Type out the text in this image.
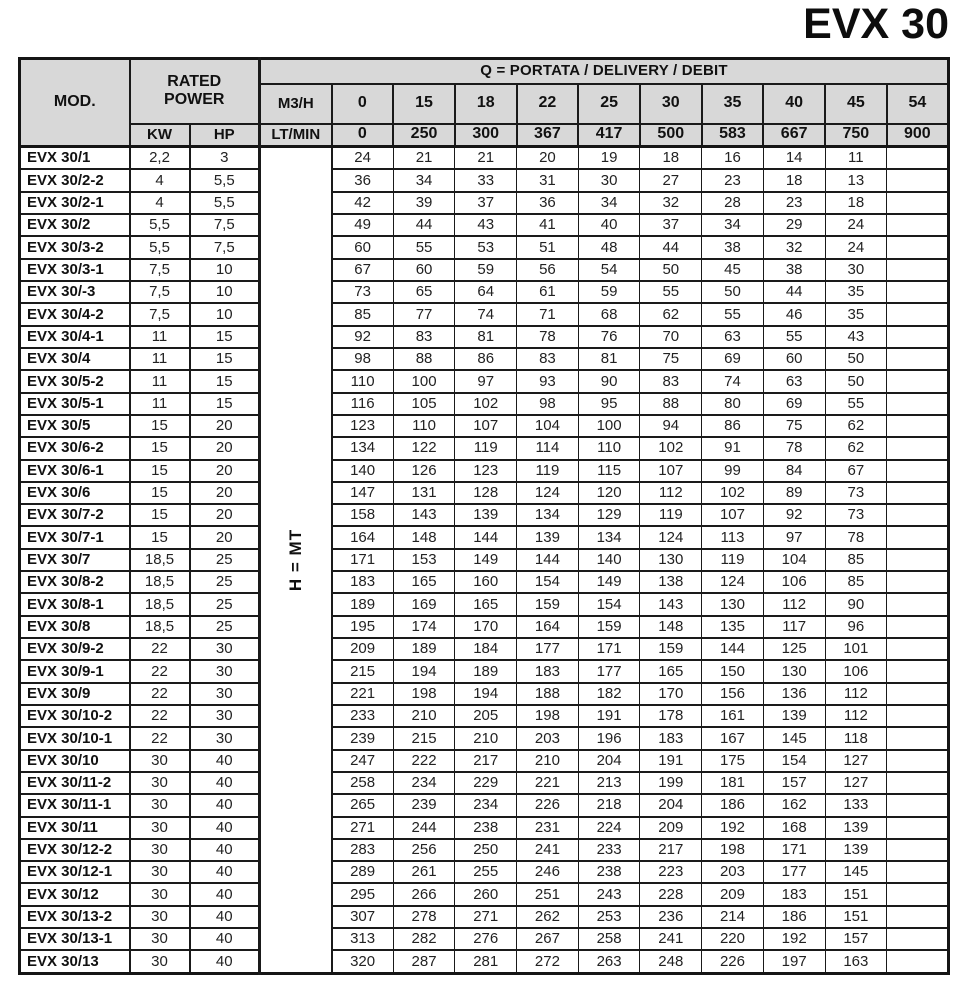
EVX 30
MOD.	RATED POWER		Q = PORTATA / DELIVERY / DEBIT										
			M3/H	0	15	18	22	25	30	35	40	45	54
	KW	HP	LT/MIN	0	250	300	367	417	500	583	667	750	900
EVX 30/1	2,2	3	H = MT	24	21	21	20	19	18	16	14	11	
EVX 30/2-2	4	5,5		36	34	33	31	30	27	23	18	13	
EVX 30/2-1	4	5,5		42	39	37	36	34	32	28	23	18	
EVX 30/2	5,5	7,5		49	44	43	41	40	37	34	29	24	
EVX 30/3-2	5,5	7,5		60	55	53	51	48	44	38	32	24	
EVX 30/3-1	7,5	10		67	60	59	56	54	50	45	38	30	
EVX 30/-3	7,5	10		73	65	64	61	59	55	50	44	35	
EVX 30/4-2	7,5	10		85	77	74	71	68	62	55	46	35	
EVX 30/4-1	11	15		92	83	81	78	76	70	63	55	43	
EVX 30/4	11	15		98	88	86	83	81	75	69	60	50	
EVX 30/5-2	11	15		110	100	97	93	90	83	74	63	50	
EVX 30/5-1	11	15		116	105	102	98	95	88	80	69	55	
EVX 30/5	15	20		123	110	107	104	100	94	86	75	62	
EVX 30/6-2	15	20		134	122	119	114	110	102	91	78	62	
EVX 30/6-1	15	20		140	126	123	119	115	107	99	84	67	
EVX 30/6	15	20		147	131	128	124	120	112	102	89	73	
EVX 30/7-2	15	20		158	143	139	134	129	119	107	92	73	
EVX 30/7-1	15	20		164	148	144	139	134	124	113	97	78	
EVX 30/7	18,5	25		171	153	149	144	140	130	119	104	85	
EVX 30/8-2	18,5	25		183	165	160	154	149	138	124	106	85	
EVX 30/8-1	18,5	25		189	169	165	159	154	143	130	112	90	
EVX 30/8	18,5	25		195	174	170	164	159	148	135	117	96	
EVX 30/9-2	22	30		209	189	184	177	171	159	144	125	101	
EVX 30/9-1	22	30		215	194	189	183	177	165	150	130	106	
EVX 30/9	22	30		221	198	194	188	182	170	156	136	112	
EVX 30/10-2	22	30		233	210	205	198	191	178	161	139	112	
EVX 30/10-1	22	30		239	215	210	203	196	183	167	145	118	
EVX 30/10	30	40		247	222	217	210	204	191	175	154	127	
EVX 30/11-2	30	40		258	234	229	221	213	199	181	157	127	
EVX 30/11-1	30	40		265	239	234	226	218	204	186	162	133	
EVX 30/11	30	40		271	244	238	231	224	209	192	168	139	
EVX 30/12-2	30	40		283	256	250	241	233	217	198	171	139	
EVX 30/12-1	30	40		289	261	255	246	238	223	203	177	145	
EVX 30/12	30	40		295	266	260	251	243	228	209	183	151	
EVX 30/13-2	30	40		307	278	271	262	253	236	214	186	151	
EVX 30/13-1	30	40		313	282	276	267	258	241	220	192	157	
EVX 30/13	30	40		320	287	281	272	263	248	226	197	163	
